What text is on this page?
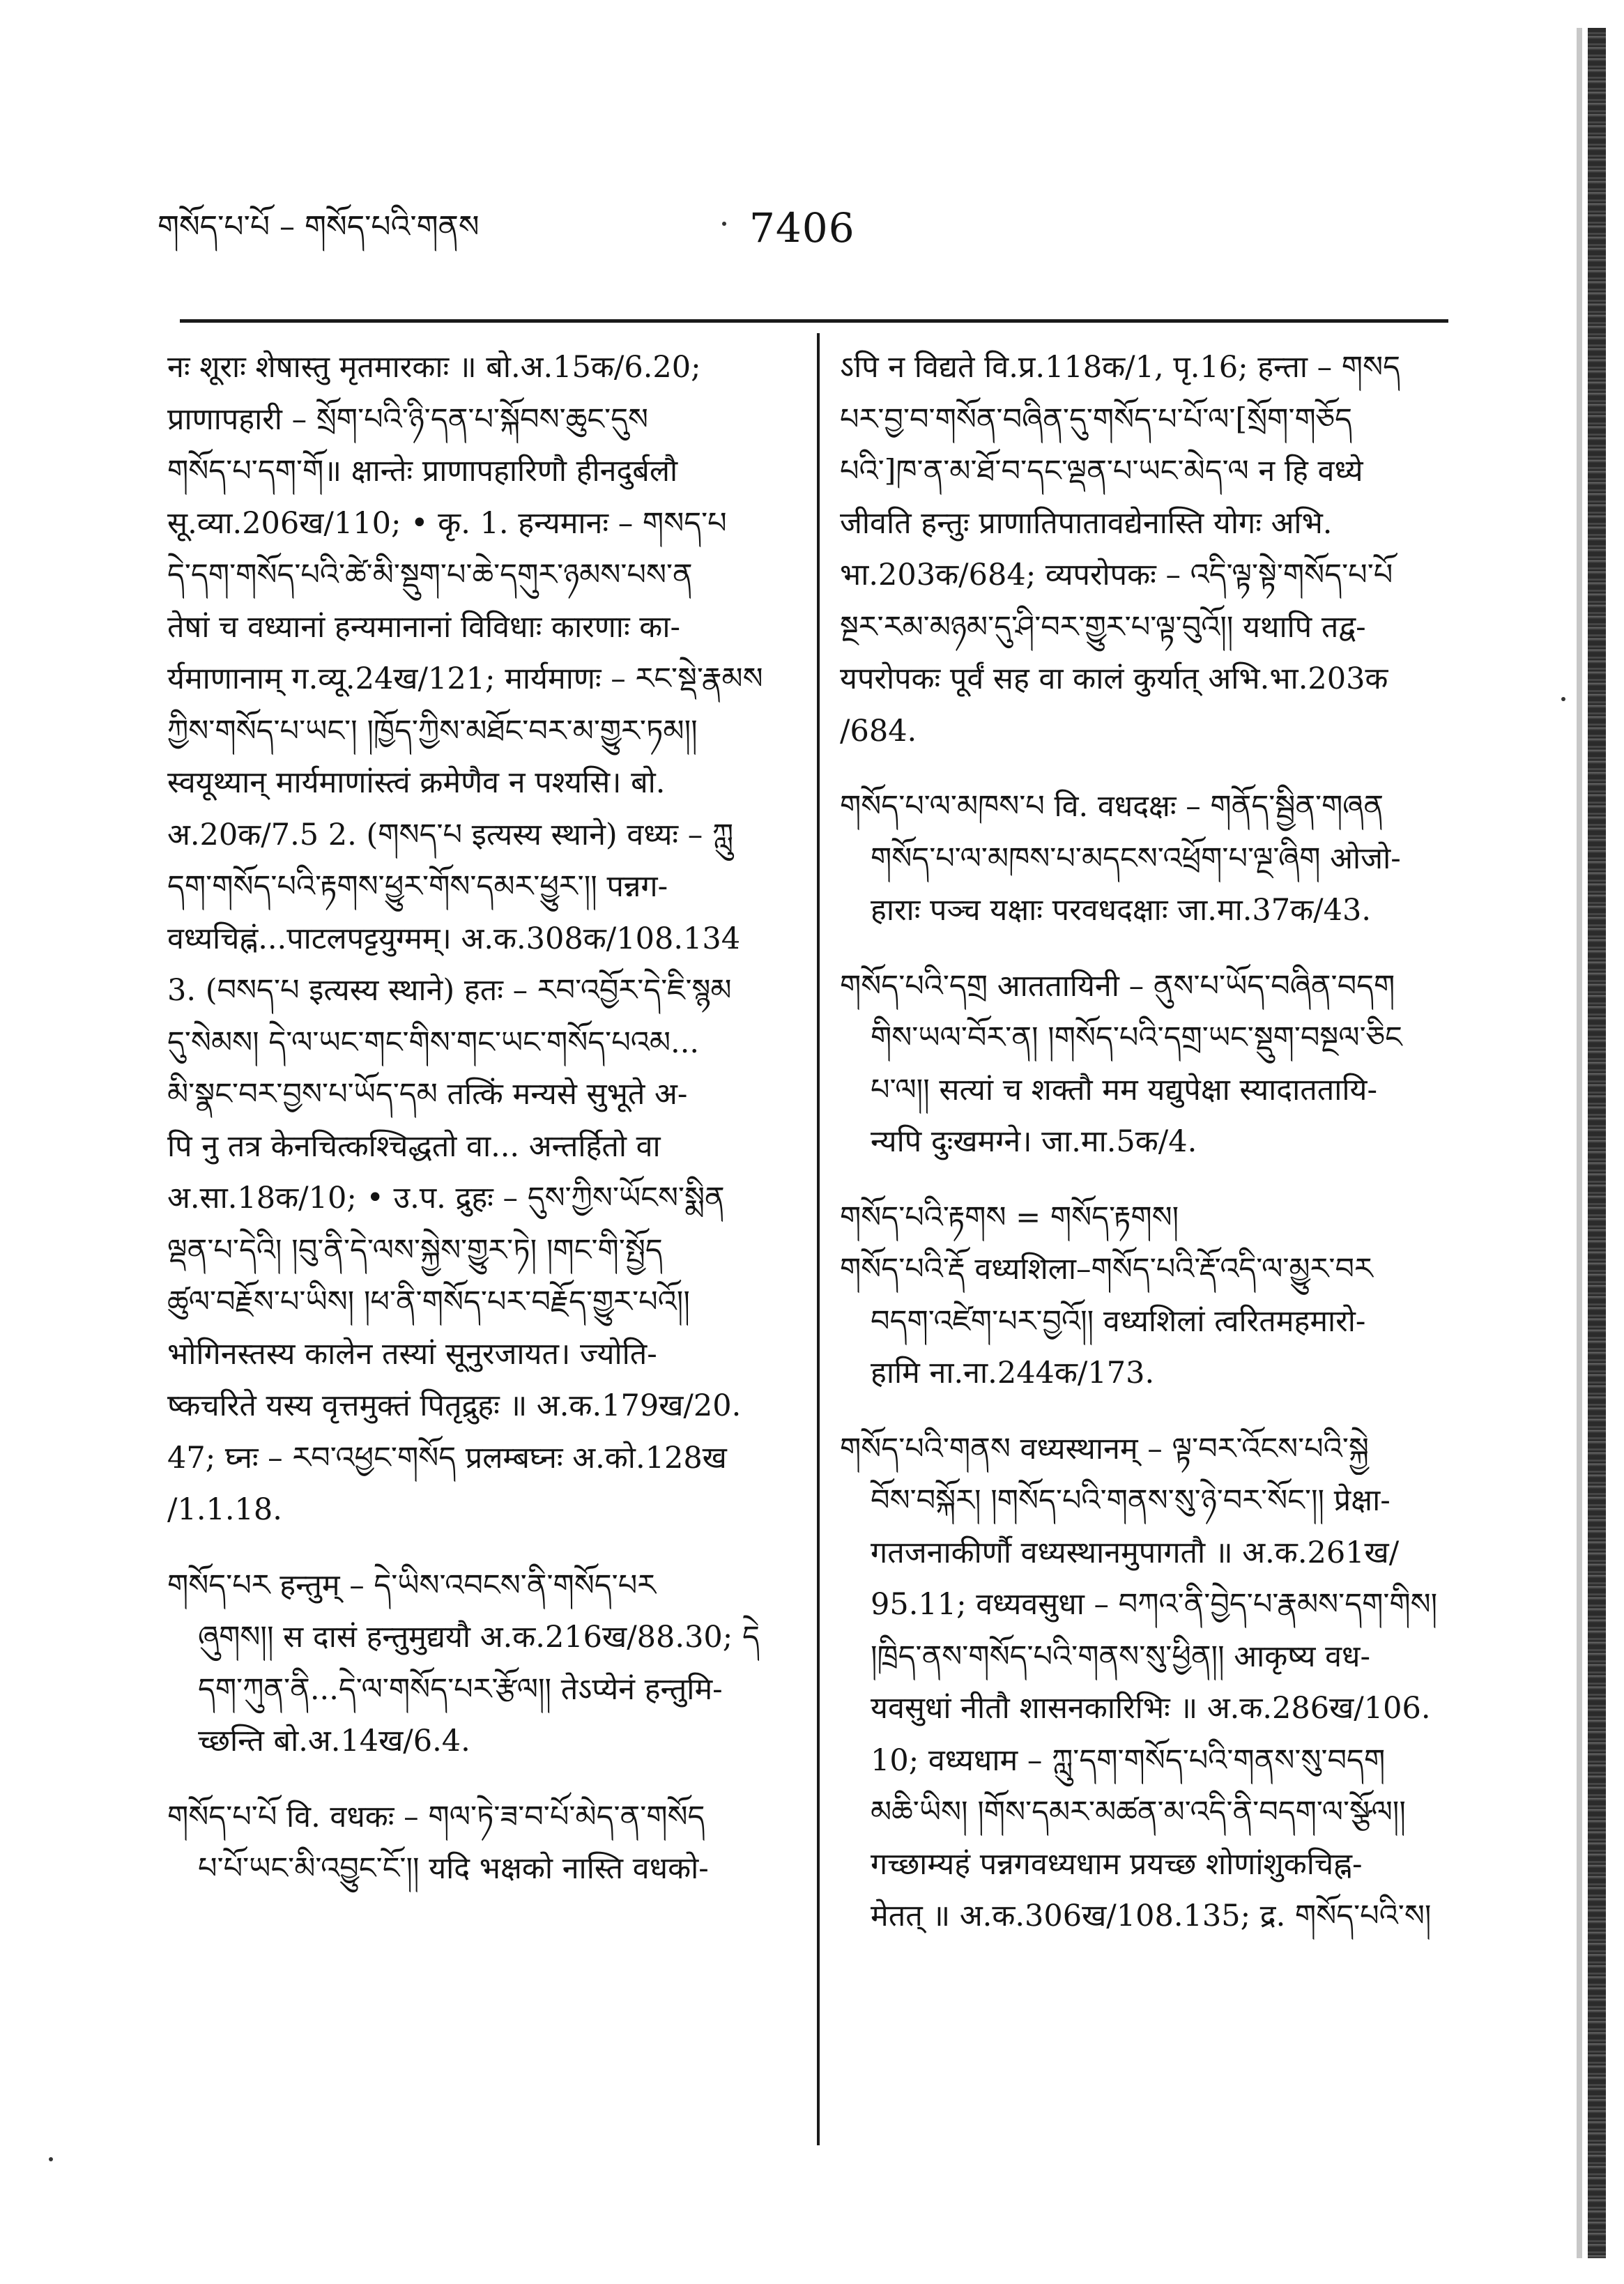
གསོད་པ་པོ – གསོད་པའི་གནས	7406
नः शूराः शेषास्तु मृतमारकाः ॥ बो.अ.15क/6.20;
प्राणापहारी – སྲོག་པའི་ཉི་དན་པ་སྐོབས་ཆུང་དུས
གསོད་པ་དག་གོ॥ क्षान्तेः प्राणापहारिणौ हीनदुर्बलौ
सू.व्या.206ख/110; • कृ. 1. हन्यमानः – གསད་པ
དེ་དག་གསོད་པའི་ཚེ་མི་སྡུག་པ་ཆེ་དགུར་ཉམས་པས་ན
तेषां च वध्यानां हन्यमानानां विविधाः कारणाः का-
र्यमाणानाम् ग.व्यू.24ख/121; मार्यमाणः – རང་སྡེ་རྣམས
ཀྱིས་གསོད་པ་ཡང་། །ཁྱོད་ཀྱིས་མཐོང་བར་མ་གྱུར་ཏམ།།
स्वयूथ्यान् मार्यमाणांस्त्वं क्रमेणैव न पश्यसि। बो.
अ.20क/7.5 2. (གསད་པ इत्यस्य स्थाने) वध्यः – ཀླུ
དག་གསོད་པའི་རྟགས་ཕྱུར་གོས་དམར་ཕྱུར་།། पन्नग-
वध्यचिह्नं...पाटलपट्टयुग्मम्। अ.क.308क/108.134
3. (བསད་པ इत्यस्य स्थाने) हतः – རབ་འབྱོར་དེ་ཇི་སྙམ
དུ་སེམས། དེ་ལ་ཡང་གང་གིས་གང་ཡང་གསོད་པའམ...
མི་སྣང་བར་བྱས་པ་ཡོད་དམ तत्किं मन्यसे सुभूते अ-
पि नु तत्र केनचित्कश्चिद्धतो वा... अन्तर्हितो वा
अ.सा.18क/10; • उ.प. द्रुहः – དུས་ཀྱིས་ཡོངས་སྨིན
ལྡན་པ་དེའི། །བུ་ནི་དེ་ལས་སྐྱེས་གྱུར་ཏེ། །གང་གི་སྤྱོད
ཚུལ་བརྗོས་པ་ཡིས། །ཕ་ནི་གསོད་པར་བརྗོད་གྱུར་པའོ།།
भोगिनस्तस्य कालेन तस्यां सूनुरजायत। ज्योति-
ष्कचरिते यस्य वृत्तमुक्तं पितृद्रुहः ॥ अ.क.179ख/20.
47; घ्नः – རབ་འཕྱང་གསོད प्रलम्बघ्नः अ.को.128ख
/1.1.18.
གསོད་པར हन्तुम् – དེ་ཡིས་འབངས་ནི་གསོད་པར
ཞུགས།། स दासं हन्तुमुद्ययौ अ.क.216ख/88.30; དེ
དག་ཀུན་ནི...དེ་ལ་གསོད་པར་རྩོལ།། तेऽप्येनं हन्तुमि-
च्छन्ति बो.अ.14ख/6.4.
གསོད་པ་པོ वि. वधकः – གལ་ཏེ་ཟ་བ་པོ་མེད་ན་གསོད
པ་པོ་ཡང་མི་འབྱུང་ངོ་།། यदि भक्षको नास्ति वधको-
ऽपि न विद्यते वि.प्र.118क/1, पृ.16; हन्ता – གསད
པར་བྱ་བ་གསོན་བཞིན་དུ་གསོད་པ་པོ་ལ་[སྲོག་གཅོད
པའི་]ཁ་ན་མ་ཐོ་བ་དང་ལྡན་པ་ཡང་མེད་ལ न हि वध्ये
जीवति हन्तुः प्राणातिपातावद्येनास्ति योगः अभि.
भा.203क/684; व्यपरोपकः – འདི་ལྟ་སྟེ་གསོད་པ་པོ
སྔར་རམ་མཉམ་དུ་ཤི་བར་གྱུར་པ་ལྟ་བུའོ།། यथापि तद्व-
यपरोपकः पूर्वं सह वा कालं कुर्यात् अभि.भा.203क
/684.
གསོད་པ་ལ་མཁས་པ वि. वधदक्षः – གནོད་སྦྱིན་གཞན
གསོད་པ་ལ་མཁས་པ་མདངས་འཕྲོག་པ་ལྔ་ཞིག ओजो-
हाराः पञ्च यक्षाः परवधदक्षाः जा.मा.37क/43.
གསོད་པའི་དགྲ आततायिनी – ནུས་པ་ཡོད་བཞིན་བདག
གིས་ཡལ་བོར་ན། །གསོད་པའི་དགྲ་ཡང་སྡུག་བསྔལ་ཅིང
པ་ལ།། सत्यां च शक्तौ मम यद्युपेक्षा स्यादाततायि-
न्यपि दुःखमग्ने। जा.मा.5क/4.
གསོད་པའི་རྟགས = གསོད་རྟགས།
གསོད་པའི་རྡོ वध्यशिला–གསོད་པའི་རྡོ་འདི་ལ་མྱུར་བར
བདག་འཛེག་པར་བྱའོ།། वध्यशिलां त्वरितमहमारो-
हामि ना.ना.244क/173.
གསོད་པའི་གནས वध्यस्थानम् – ལྟ་བར་འོངས་པའི་སྐྱེ
བོས་བསྐོར། །གསོད་པའི་གནས་སུ་ཉེ་བར་སོང་།། प्रेक्षा-
गतजनाकीर्णौ वध्यस्थानमुपागतौ ॥ अ.क.261ख/
95.11; वध्यवसुधा – བཀའ་ནི་བྱེད་པ་རྣམས་དག་གིས།
།ཁྲིད་ནས་གསོད་པའི་གནས་སུ་ཕྱིན།། आकृष्य वध-
यवसुधां नीतौ शासनकारिभिः ॥ अ.क.286ख/106.
10; वध्यधाम – ཀླུ་དག་གསོད་པའི་གནས་སུ་བདག
མཆི་ཡིས། །གོས་དམར་མཚན་མ་འདི་ནི་བདག་ལ་སྩོལ།།
गच्छाम्यहं पन्नगवध्यधाम प्रयच्छ शोणांशुकचिह्न-
मेतत् ॥ अ.क.306ख/108.135; द्र. གསོད་པའི་ས།
